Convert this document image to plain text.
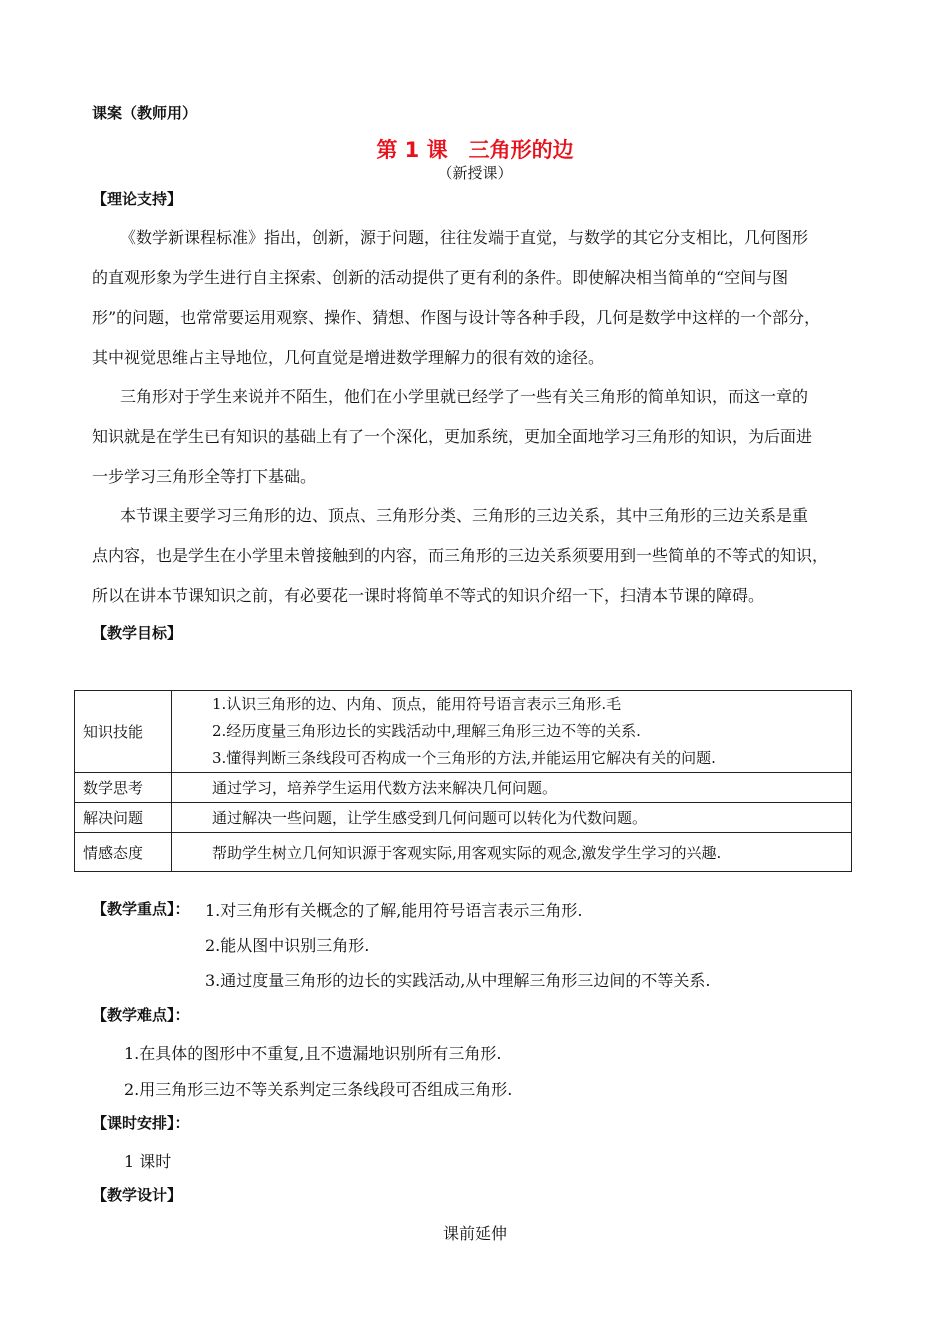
课案（教师用）
第 1 课　三角形的边
（新授课）
【理论支持】
《数学新课程标准》指出，创新，源于问题，往往发端于直觉，与数学的其它分支相比，几何图形
的直观形象为学生进行自主探索、创新的活动提供了更有利的条件。即使解决相当简单的“空间与图
形”的问题，也常常要运用观察、操作、猜想、作图与设计等各种手段，几何是数学中这样的一个部分，
其中视觉思维占主导地位，几何直觉是增进数学理解力的很有效的途径。
三角形对于学生来说并不陌生，他们在小学里就已经学了一些有关三角形的简单知识，而这一章的
知识就是在学生已有知识的基础上有了一个深化，更加系统，更加全面地学习三角形的知识，为后面进
一步学习三角形全等打下基础。
本节课主要学习三角形的边、顶点、三角形分类、三角形的三边关系，其中三角形的三边关系是重
点内容，也是学生在小学里未曾接触到的内容，而三角形的三边关系须要用到一些简单的不等式的知识，
所以在讲本节课知识之前，有必要花一课时将简单不等式的知识介绍一下，扫清本节课的障碍。
【教学目标】
知识技能	1.认识三角形的边、内角、顶点，能用符号语言表示三角形.毛
2.经历度量三角形边长的实践活动中,理解三角形三边不等的关系.
3.懂得判断三条线段可否构成一个三角形的方法,并能运用它解决有关的问题.

数学思考	通过学习，培养学生运用代数方法来解决几何问题。
解决问题	通过解决一些问题，让学生感受到几何问题可以转化为代数问题。
情感态度	帮助学生树立几何知识源于客观实际,用客观实际的观念,激发学生学习的兴趣.
【教学重点】： 1.对三角形有关概念的了解,能用符号语言表示三角形.
2.能从图中识别三角形.
3.通过度量三角形的边长的实践活动,从中理解三角形三边间的不等关系.
【教学难点】：
1.在具体的图形中不重复,且不遗漏地识别所有三角形.
2.用三角形三边不等关系判定三条线段可否组成三角形.
【课时安排】：
1 课时
【教学设计】
课前延伸
